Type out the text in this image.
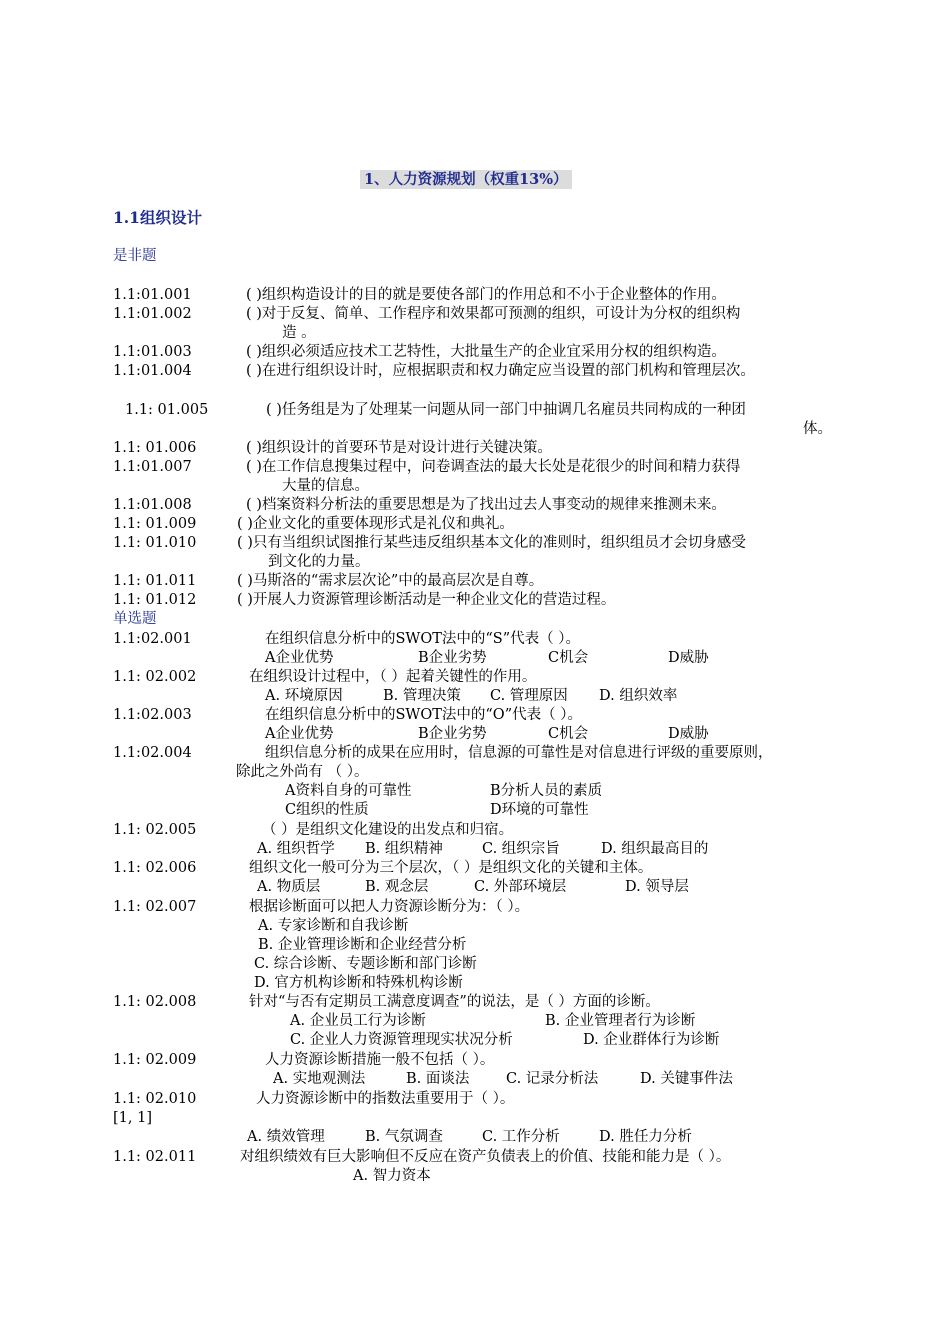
1、人力资源规划（权重13%）
1.1组织设计
是非题
1.1:01.001	( )组织构造设计的目的就是要使各部门的作用总和不小于企业整体的作用。
1.1:01.002	( )对于反复、简单、工作程序和效果都可预测的组织，可设计为分权的组织构
造 。
1.1:01.003	( )组织必须适应技术工艺特性，大批量生产的企业宜采用分权的组织构造。
1.1:01.004	( )在进行组织设计时，应根据职责和权力确定应当设置的部门机构和管理层次。
1.1: 01.005	( )任务组是为了处理某一问题从同一部门中抽调几名雇员共同构成的一种团
体。
1.1: 01.006	( )组织设计的首要环节是对设计进行关键决策。
1.1:01.007	( )在工作信息搜集过程中，问卷调查法的最大长处是花很少的时间和精力获得
大量的信息。
1.1:01.008	( )档案资料分析法的重要思想是为了找出过去人事变动的规律来推测未来。
1.1: 01.009	( )企业文化的重要体现形式是礼仪和典礼。
1.1: 01.010	( )只有当组织试图推行某些违反组织基本文化的准则时，组织组员才会切身感受
到文化的力量。
1.1: 01.011	( )马斯洛的“需求层次论”中的最高层次是自尊。
1.1: 01.012	( )开展人力资源管理诊断活动是一种企业文化的营造过程。
单选题
1.1:02.001	在组织信息分析中的SWOT法中的“S”代表（ ）。
A企业优势	B企业劣势	C机会	D威胁
1.1: 02.002	在组织设计过程中，（ ）起着关键性的作用。
A. 环境原因	B. 管理决策 C. 管理原因 D. 组织效率
1.1:02.003	在组织信息分析中的SWOT法中的“O”代表（ ）。
A企业优势	B企业劣势	C机会	D威胁
1.1:02.004	组织信息分析的成果在应用时，信息源的可靠性是对信息进行评级的重要原则，
除此之外尚有 （ ）。
A资料自身的可靠性	B分析人员的素质
C组织的性质	D环境的可靠性
1.1: 02.005	（ ）是组织文化建设的出发点和归宿。
A. 组织哲学 B. 组织精神	C. 组织宗旨	D. 组织最高目的
1.1: 02.006	组织文化一般可分为三个层次，（ ）是组织文化的关键和主体。
A. 物质层	B. 观念层	C. 外部环境层	D. 领导层
1.1: 02.007	根据诊断面可以把人力资源诊断分为：（ ）。
A. 专家诊断和自我诊断
B. 企业管理诊断和企业经营分析
C. 综合诊断、专题诊断和部门诊断
D. 官方机构诊断和特殊机构诊断
1.1: 02.008	针对“与否有定期员工满意度调查”的说法，是（ ）方面的诊断。
A. 企业员工行为诊断	B. 企业管理者行为诊断
C. 企业人力资源管理现实状况分析	D. 企业群体行为诊断
1.1: 02.009	人力资源诊断措施一般不包括（ ）。
A. 实地观测法	B. 面谈法	C. 记录分析法	D. 关键事件法
1.1: 02.010	人力资源诊断中的指数法重要用于（ ）。
[1, 1]
A. 绩效管理	B. 气氛调查	C. 工作分析	D. 胜任力分析
1.1: 02.011	对组织绩效有巨大影响但不反应在资产负债表上的价值、技能和能力是（ ）。
A. 智力资本
